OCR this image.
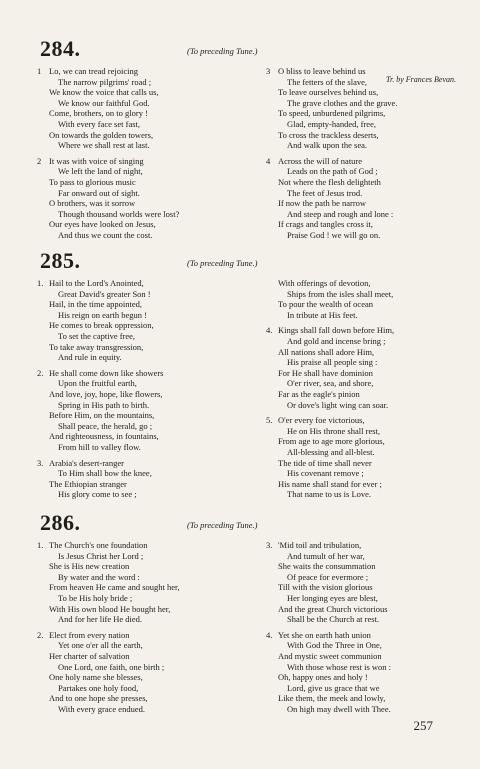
284.	(To preceding Tune.)
1 Lo, we can tread rejoicing
The narrow pilgrims' road ;
We know the voice that calls us,
We know our faithful God.
Come, brothers, on to glory !
With every face set fast,
On towards the golden towers,
Where we shall rest at last.
2 It was with voice of singing
We left the land of night,
To pass to glorious music
Far onward out of sight.
O brothers, was it sorrow
Though thousand worlds were lost?
Our eyes have looked on Jesus,
And thus we count the cost.
3 O bliss to leave behind us
The fetters of the slave,
To leave ourselves behind us,
The grave clothes and the grave.
To speed, unburdened pilgrims,
Glad, empty-handed, free,
To cross the trackless deserts,
And walk upon the sea.
4 Across the will of nature
Leads on the path of God ;
Not where the flesh delighteth
The feet of Jesus trod.
If now the path be narrow
And steep and rough and lone :
If crags and tangles cross it,
Praise God ! we will go on.
Tr. by Frances Bevan.
285.	(To preceding Tune.)
1. Hail to the Lord's Anointed,
Great David's greater Son !
Hail, in the time appointed,
His reign on earth begun !
He comes to break oppression,
To set the captive free,
To take away transgression,
And rule in equity.
2. He shall come down like showers
Upon the fruitful earth,
And love, joy, hope, like flowers,
Spring in His path to birth.
Before Him, on the mountains,
Shall peace, the herald, go ;
And righteousness, in fountains,
From hill to valley flow.
3. Arabia's desert-ranger
To Him shall bow the knee,
The Ethiopian stranger
His glory come to see ;
With offerings of devotion,
Ships from the isles shall meet,
To pour the wealth of ocean
In tribute at His feet.
4. Kings shall fall down before Him,
And gold and incense bring ;
All nations shall adore Him,
His praise all people sing :
For He shall have dominion
O'er river, sea, and shore,
Far as the eagle's pinion
Or dove's light wing can soar.
5. O'er every foe victorious,
He on His throne shall rest,
From age to age more glorious,
All-blessing and all-blest.
The tide of time shall never
His covenant remove ;
His name shall stand for ever ;
That name to us is Love.
286.	(To preceding Tune.)
1. The Church's one foundation
Is Jesus Christ her Lord ;
She is His new creation
By water and the word :
From heaven He came and sought her,
To be His holy bride ;
With His own blood He bought her,
And for her life He died.
2. Elect from every nation
Yet one o'er all the earth,
Her charter of salvation
One Lord, one faith, one birth ;
One holy name she blesses,
Partakes one holy food,
And to one hope she presses,
With every grace endued.
3. 'Mid toil and tribulation,
And tumult of her war,
She waits the consummation
Of peace for evermore ;
Till with the vision glorious
Her longing eyes are blest,
And the great Church victorious
Shall be the Church at rest.
4. Yet she on earth hath union
With God the Three in One,
And mystic sweet communion
With those whose rest is won :
Oh, happy ones and holy !
Lord, give us grace that we
Like them, the meek and lowly,
On high may dwell with Thee.
257
